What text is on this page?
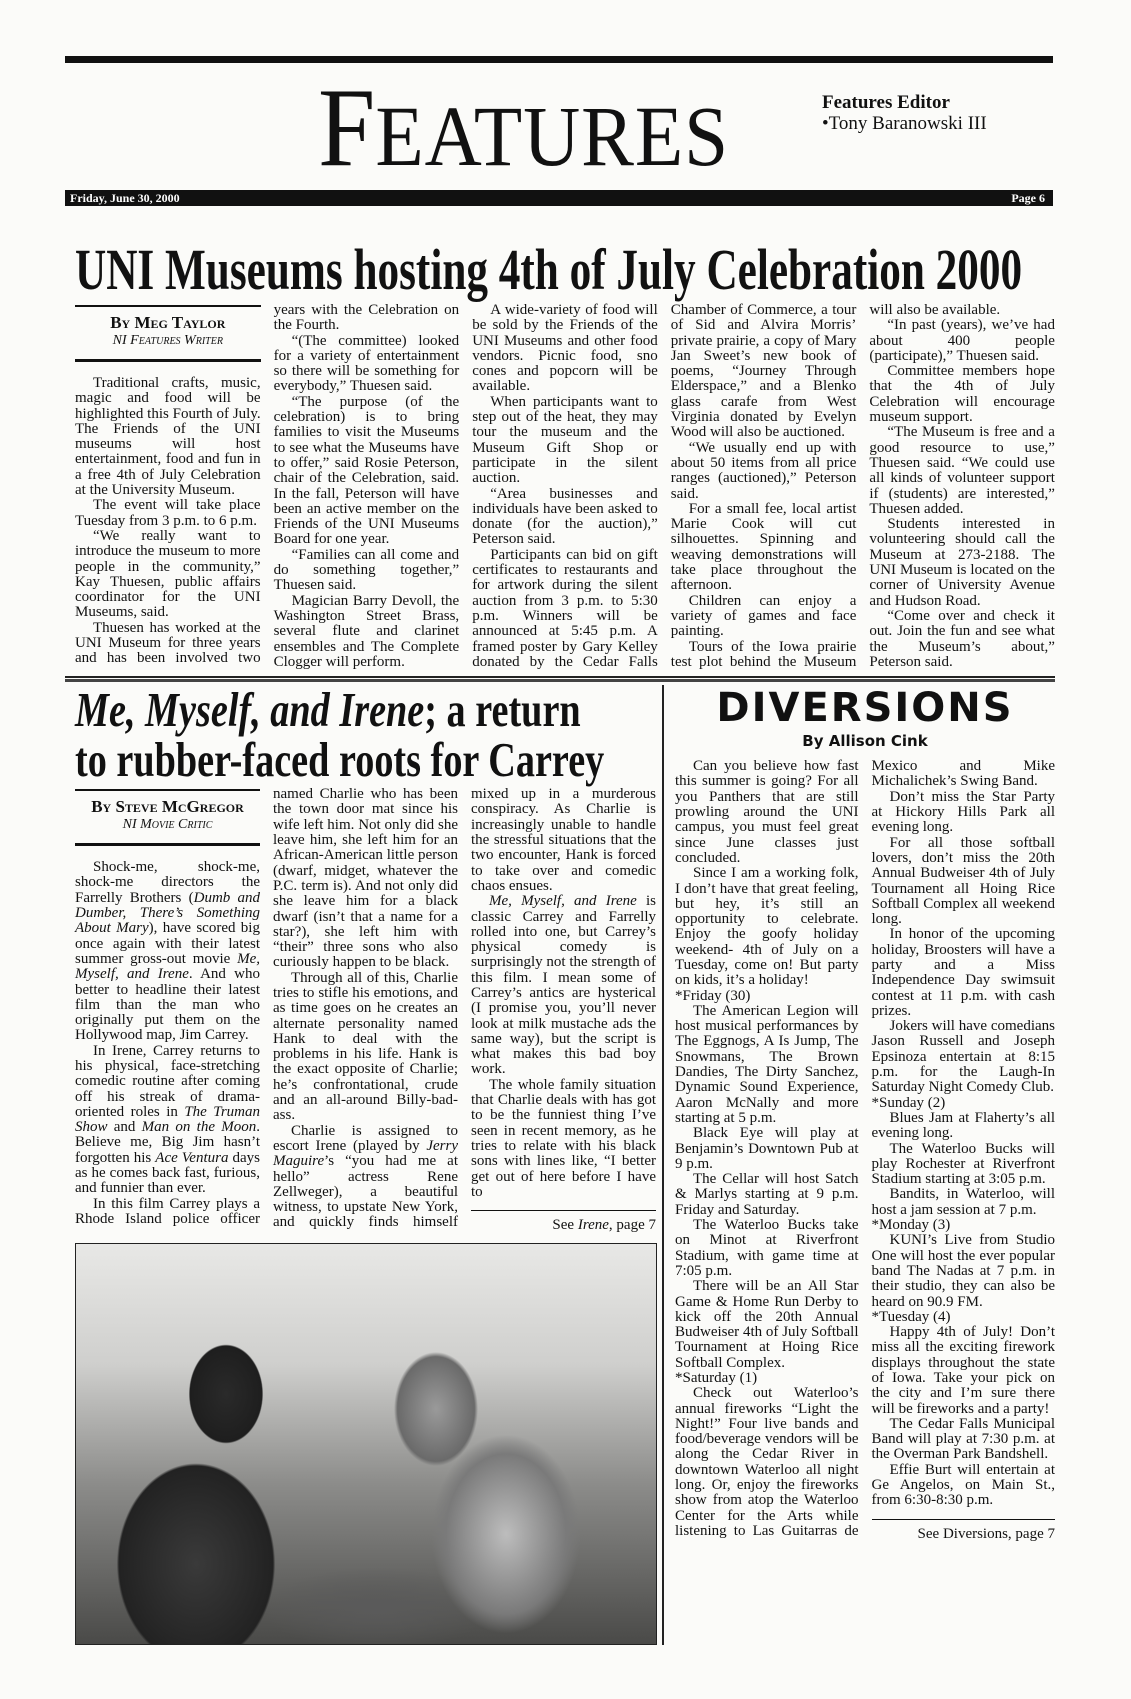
FEATURES	Features Editor
•Tony Baranowski III
Friday, June 30, 2000	Page 6
UNI Museums hosting 4th of July Celebration 2000
By Meg Taylor
NI Features Writer

Traditional crafts, music, magic and food will be highlighted this Fourth of July. The Friends of the UNI museums will host entertainment, food and fun in a free 4th of July Celebration at the University Museum.

The event will take place Tuesday from 3 p.m. to 6 p.m.

“We really want to introduce the museum to more people in the community,” Kay Thuesen, public affairs coordinator for the UNI Museums, said.

Thuesen has worked at the UNI Museum for three years and has been involved two years with the Celebration on the Fourth.

“(The committee) looked for a variety of entertainment so there will be something for everybody,” Thuesen said.

“The purpose (of the celebration) is to bring families to visit the Museums to see what the Museums have to offer,” said Rosie Peterson, chair of the Celebration, said. In the fall, Peterson will have been an active member on the Friends of the UNI Museums Board for one year.

“Families can all come and do something together,” Thuesen said.

Magician Barry Devoll, the Washington Street Brass, several flute and clarinet ensembles and The Complete Clogger will perform.

A wide-variety of food will be sold by the Friends of the UNI Museums and other food vendors. Picnic food, sno cones and popcorn will be available.

When participants want to step out of the heat, they may tour the museum and the Museum Gift Shop or participate in the silent auction.

“Area businesses and individuals have been asked to donate (for the auction),” Peterson said.

Participants can bid on gift certificates to restaurants and for artwork during the silent auction from 3 p.m. to 5:30 p.m. Winners will be announced at 5:45 p.m. A framed poster by Gary Kelley donated by the Cedar Falls Chamber of Commerce, a tour of Sid and Alvira Morris’ private prairie, a copy of Mary Jan Sweet’s new book of poems, “Journey Through Elderspace,” and a Blenko glass carafe from West Virginia donated by Evelyn Wood will also be auctioned.

“We usually end up with about 50 items from all price ranges (auctioned),” Peterson said.

For a small fee, local artist Marie Cook will cut silhouettes. Spinning and weaving demonstrations will take place throughout the afternoon.

Children can enjoy a variety of games and face painting.

Tours of the Iowa prairie test plot behind the Museum will also be available.

“In past (years), we’ve had about 400 people (participate),” Thuesen said.

Committee members hope that the 4th of July Celebration will encourage museum support.

“The Museum is free and a good resource to use,” Thuesen said. “We could use all kinds of volunteer support if (students) are interested,” Thuesen added.

Students interested in volunteering should call the Museum at 273-2188. The UNI Museum is located on the corner of University Avenue and Hudson Road.

“Come over and check it out. Join the fun and see what the Museum’s about,” Peterson said.

Me, Myself, and Irene; a return
to rubber-faced roots for Carrey
By Steve McGregor
NI Movie Critic

Shock-me, shock-me, shock-me directors the Farrelly Brothers (Dumb and Dumber, There’s Something About Mary), have scored big once again with their latest summer gross-out movie Me, Myself, and Irene. And who better to headline their latest film than the man who originally put them on the Hollywood map, Jim Carrey.

In Irene, Carrey returns to his physical, face-stretching comedic routine after coming off his streak of drama-oriented roles in The Truman Show and Man on the Moon. Believe me, Big Jim hasn’t forgotten his Ace Ventura days as he comes back fast, furious, and funnier than ever.

In this film Carrey plays a Rhode Island police officer named Charlie who has been the town door mat since his wife left him. Not only did she leave him, she left him for an African-American little person (dwarf, midget, whatever the P.C. term is). And not only did she leave him for a black dwarf (isn’t that a name for a star?), she left him with “their” three sons who also curiously happen to be black.

Through all of this, Charlie tries to stifle his emotions, and as time goes on he creates an alternate personality named Hank to deal with the problems in his life. Hank is the exact opposite of Charlie; he’s confrontational, crude and an all-around Billy-bad-ass.

Charlie is assigned to escort Irene (played by Jerry Maguire’s “you had me at hello” actress Rene Zellweger), a beautiful witness, to upstate New York, and quickly finds himself mixed up in a murderous conspiracy. As Charlie is increasingly unable to handle the stressful situations that the two encounter, Hank is forced to take over and comedic chaos ensues.

Me, Myself, and Irene is classic Carrey and Farrelly rolled into one, but Carrey’s physical comedy is surprisingly not the strength of this film. I mean some of Carrey’s antics are hysterical (I promise you, you’ll never look at milk mustache ads the same way), but the script is what makes this bad boy work.

The whole family situation that Charlie deals with has got to be the funniest thing I’ve seen in recent memory, as he tries to relate with his black sons with lines like, “I better get out of here before I have to

See Irene, page 7
DIVERSIONS
By Allison Cink

Can you believe how fast this summer is going? For all you Panthers that are still prowling around the UNI campus, you must feel great since June classes just concluded.

Since I am a working folk, I don’t have that great feeling, but hey, it’s still an opportunity to celebrate. Enjoy the goofy holiday weekend- 4th of July on a Tuesday, come on! But party on kids, it’s a holiday!

*Friday (30)

The American Legion will host musical performances by The Eggnogs, A Is Jump, The Snowmans, The Brown Dandies, The Dirty Sanchez, Dynamic Sound Experience, Aaron McNally and more starting at 5 p.m.

Black Eye will play at Benjamin’s Downtown Pub at 9 p.m.

The Cellar will host Satch & Marlys starting at 9 p.m. Friday and Saturday.

The Waterloo Bucks take on Minot at Riverfront Stadium, with game time at 7:05 p.m.

There will be an All Star Game & Home Run Derby to kick off the 20th Annual Budweiser 4th of July Softball Tournament at Hoing Rice Softball Complex.

*Saturday (1)

Check out Waterloo’s annual fireworks “Light the Night!” Four live bands and food/beverage vendors will be along the Cedar River in downtown Waterloo all night long. Or, enjoy the fireworks show from atop the Waterloo Center for the Arts while listening to Las Guitarras de Mexico and Mike Michalichek’s Swing Band.

Don’t miss the Star Party at Hickory Hills Park all evening long.

For all those softball lovers, don’t miss the 20th Annual Budweiser 4th of July Tournament all Hoing Rice Softball Complex all weekend long.

In honor of the upcoming holiday, Broosters will have a party and a Miss Independence Day swimsuit contest at 11 p.m. with cash prizes.

Jokers will have comedians Jason Russell and Joseph Epsinoza entertain at 8:15 p.m. for the Laugh-In Saturday Night Comedy Club.

*Sunday (2)

Blues Jam at Flaherty’s all evening long.

The Waterloo Bucks will play Rochester at Riverfront Stadium starting at 3:05 p.m.

Bandits, in Waterloo, will host a jam session at 7 p.m.

*Monday (3)

KUNI’s Live from Studio One will host the ever popular band The Nadas at 7 p.m. in their studio, they can also be heard on 90.9 FM.

*Tuesday (4)

Happy 4th of July! Don’t miss all the exciting firework displays throughout the state of Iowa. Take your pick on the city and I’m sure there will be fireworks and a party!

The Cedar Falls Municipal Band will play at 7:30 p.m. at the Overman Park Bandshell.

Effie Burt will entertain at Ge Angelos, on Main St., from 6:30-8:30 p.m.

See Diversions, page 7
